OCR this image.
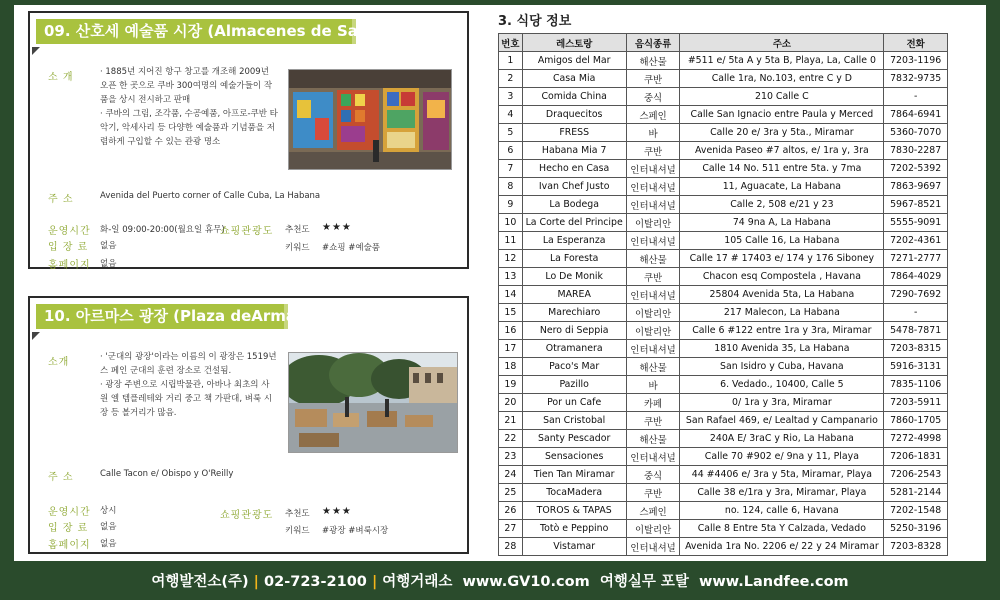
09. 산호세 예술품 시장 (Almacenes de San Jose)
소 개	· 1885년 지어진 항구 창고를 개조해 2009년 오픈 한 곳으로 쿠바 300여명의 예술가들이 작품을 상시 전시하고 판매

· 쿠바의 그림, 조각품, 수공예품, 아프로-쿠반 타 악기, 악세사리 등 다양한 예술품과 기념품을 저 렴하게 구입할 수 있는 관광 명소

주 소	Avenida del Puerto corner of Calle Cuba, La Habana
운영시간 화-일 09:00-20:00(월요일 휴무)
쇼핑관광도 추천도 ★★★
입 장 료 없음	키워드 #쇼핑 #예술품
홈페이지 없음
10. 아르마스 광장 (Plaza deArmas)
소개	· '군대의 광장'이라는 이름의 이 광장은 1519년 스 페인 군대의 훈련 장소로 건설됨.

· 광장 주변으로 시립박물관, 아바나 최초의 사 원 엘 템플레테와 거리 중고 책 가판대, 벼룩 시장 등 볼거리가 많음.

주 소	Calle Tacon e/ Obispo y O'Reilly
운영시간 상시	쇼핑관광도 추천도 ★★★
입 장 료 없음	키워드 #광장 #벼룩시장
홈페이지 없음
3. 식당 정보
번호	레스토랑	음식종류	주소	전화
1	Amigos del Mar	해산물	#511 e/ 5ta A y 5ta B, Playa, La, Calle 0	7203-1196
2	Casa Mia	쿠반	Calle 1ra, No.103, entre C y D	7832-9735
3	Comida China	중식	210 Calle C	-
4	Draquecitos	스페인	Calle San Ignacio entre Paula y Merced	7864-6941
5	FRESS	바	Calle 20 e/ 3ra y 5ta., Miramar	5360-7070
6	Habana Mia 7	쿠반	Avenida Paseo #7 altos, e/ 1ra y, 3ra	7830-2287
7	Hecho en Casa	인터내셔널	Calle 14 No. 511 entre 5ta. y 7ma	7202-5392
8	Ivan Chef Justo	인터내셔널	11, Aguacate, La Habana	7863-9697
9	La Bodega	인터내셔널	Calle 2, 508 e/21 y 23	5967-8521
10	La Corte del Principe	이탈리안	74 9na A, La Habana	5555-9091
11	La Esperanza	인터내셔널	105 Calle 16, La Habana	7202-4361
12	La Foresta	해산물	Calle 17 # 17403 e/ 174 y 176 Siboney	7271-2777
13	Lo De Monik	쿠반	Chacon esq Compostela , Havana	7864-4029
14	MAREA	인터내셔널	25804 Avenida 5ta, La Habana	7290-7692
15	Marechiaro	이탈리안	217 Malecon, La Habana	-
16	Nero di Seppia	이탈리안	Calle 6 #122 entre 1ra y 3ra, Miramar	5478-7871
17	Otramanera	인터내셔널	1810 Avenida 35, La Habana	7203-8315
18	Paco's Mar	해산물	San Isidro y Cuba, Havana	5916-3131
19	Pazillo	바	6. Vedado., 10400, Calle 5	7835-1106
20	Por un Cafe	카페	0/ 1ra y 3ra, Miramar	7203-5911
21	San Cristobal	쿠반	San Rafael 469, e/ Lealtad y Campanario	7860-1705
22	Santy Pescador	해산물	240A E/ 3raC y Rio, La Habana	7272-4998
23	Sensaciones	인터내셔널	Calle 70 #902 e/ 9na y 11, Playa	7206-1831
24	Tien Tan Miramar	중식	44 #4406 e/ 3ra y 5ta, Miramar, Playa	7206-2543
25	TocaMadera	쿠반	Calle 38 e/1ra y 3ra, Miramar, Playa	5281-2144
26	TOROS & TAPAS	스페인	no. 124, calle 6, Havana	7202-1548
27	Totò e Peppino	이탈리안	Calle 8 Entre 5ta Y Calzada, Vedado	5250-3196
28	Vistamar	인터내셔널	Avenida 1ra No. 2206 e/ 22 y 24 Miramar	7203-8328
여행발전소(주) | 02-723-2100 | 여행거래소 www.GV10.com 여행실무 포탈 www.Landfee.com
